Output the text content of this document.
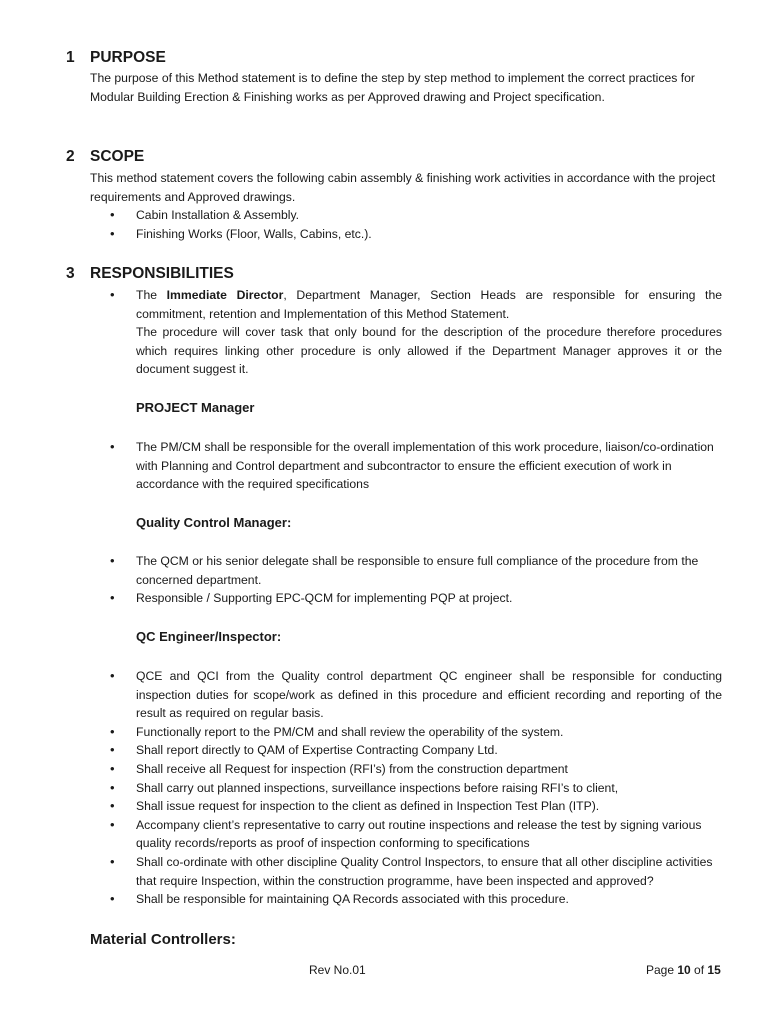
1 PURPOSE

The purpose of this Method statement is to define the step by step method to implement the correct practices for Modular Building Erection & Finishing works as per Approved drawing and Project specification.

2 SCOPE

This method statement covers the following cabin assembly & finishing work activities in accordance with the project requirements and Approved drawings.

• Cabin Installation & Assembly.
• Finishing Works (Floor, Walls, Cabins, etc.).
3 RESPONSIBILITIES
• The Immediate Director, Department Manager, Section Heads are responsible for ensuring the commitment, retention and Implementation of this Method Statement.

The procedure will cover task that only bound for the description of the procedure therefore procedures which requires linking other procedure is only allowed if the Department Manager approves it or the document suggest it.

PROJECT Manager
• The PM/CM shall be responsible for the overall implementation of this work procedure, liaison/co-ordination with Planning and Control department and subcontractor to ensure the efficient execution of work in accordance with the required specifications
Quality Control Manager:
• The QCM or his senior delegate shall be responsible to ensure full compliance of the procedure from the concerned department.
• Responsible / Supporting EPC-QCM for implementing PQP at project.
QC Engineer/Inspector:
• QCE and QCI from the Quality control department QC engineer shall be responsible for conducting inspection duties for scope/work as defined in this procedure and efficient recording and reporting of the result as required on regular basis.
• Functionally report to the PM/CM and shall review the operability of the system.
• Shall report directly to QAM of Expertise Contracting Company Ltd.
• Shall receive all Request for inspection (RFI’s) from the construction department
• Shall carry out planned inspections, surveillance inspections before raising RFI’s to client,
• Shall issue request for inspection to the client as defined in Inspection Test Plan (ITP).
• Accompany client’s representative to carry out routine inspections and release the test by signing various quality records/reports as proof of inspection conforming to specifications
• Shall co-ordinate with other discipline Quality Control Inspectors, to ensure that all other discipline activities that require Inspection, within the construction programme, have been inspected and approved?
• Shall be responsible for maintaining QA Records associated with this procedure.
Material Controllers:
Rev No.01	Page 10 of 15
